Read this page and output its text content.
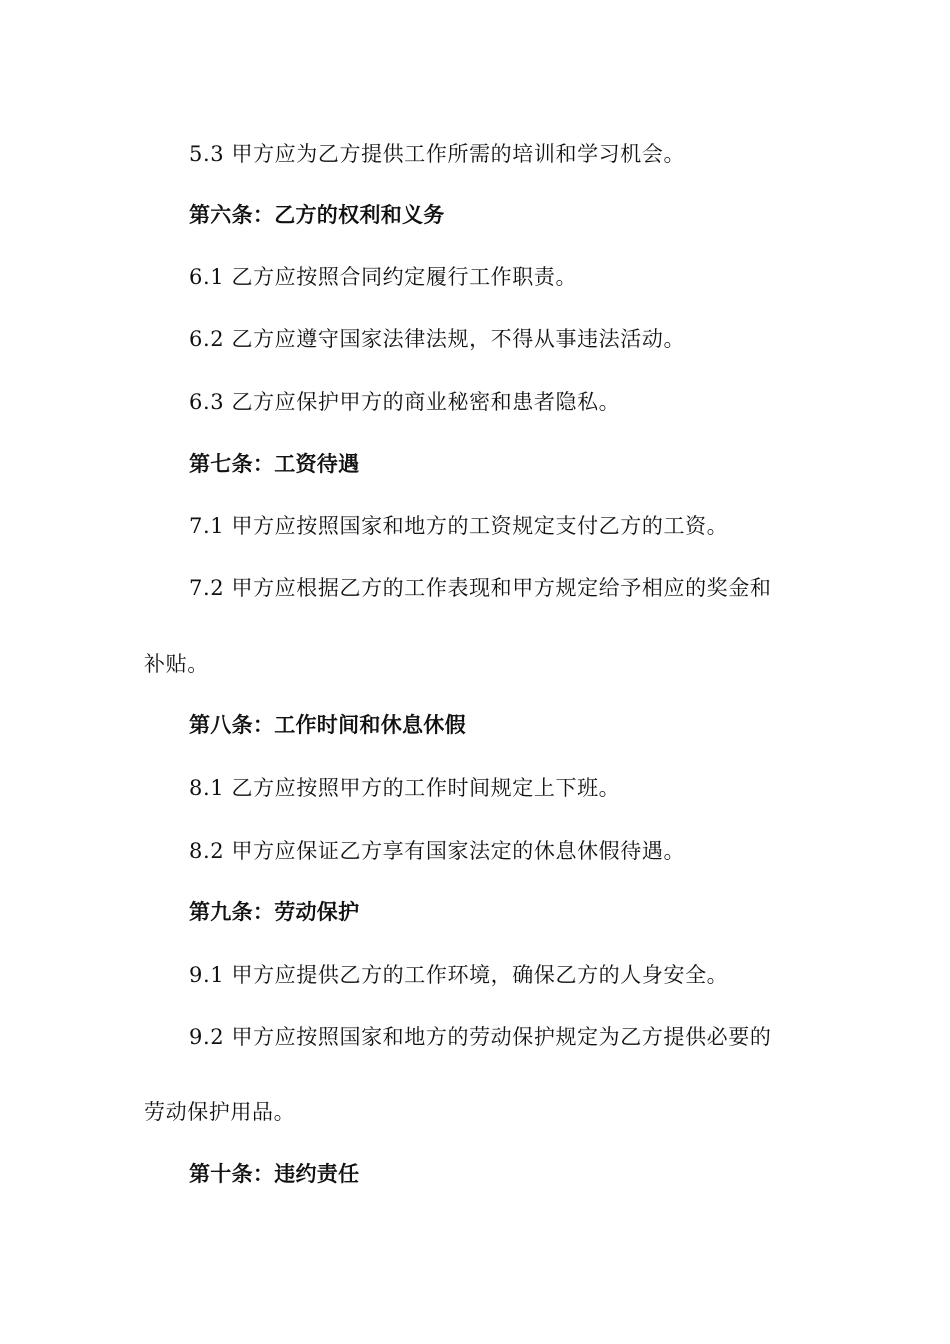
5.3 甲方应为乙方提供工作所需的培训和学习机会。
第六条：乙方的权利和义务
6.1 乙方应按照合同约定履行工作职责。
6.2 乙方应遵守国家法律法规，不得从事违法活动。
6.3 乙方应保护甲方的商业秘密和患者隐私。
第七条：工资待遇
7.1 甲方应按照国家和地方的工资规定支付乙方的工资。
7.2 甲方应根据乙方的工作表现和甲方规定给予相应的奖金和
补贴。
第八条：工作时间和休息休假
8.1 乙方应按照甲方的工作时间规定上下班。
8.2 甲方应保证乙方享有国家法定的休息休假待遇。
第九条：劳动保护
9.1 甲方应提供乙方的工作环境，确保乙方的人身安全。
9.2 甲方应按照国家和地方的劳动保护规定为乙方提供必要的
劳动保护用品。
第十条：违约责任
